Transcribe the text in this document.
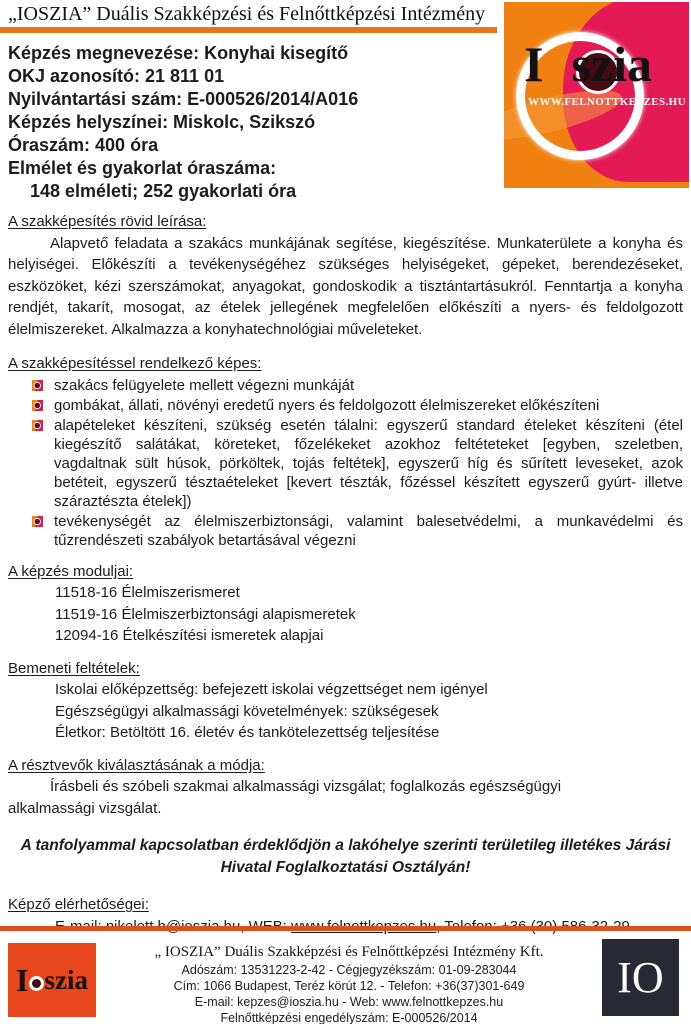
„IOSZIA” Duális Szakképzési és Felnőttképzési Intézmény
I szia
WWW.FELNOTTKEPZES.HU
Képzés megnevezése: Konyhai kisegítő
OKJ azonosító: 21 811 01
Nyilvántartási szám: E-000526/2014/A016
Képzés helyszínei: Miskolc, Szikszó
Óraszám: 400 óra
Elmélet és gyakorlat óraszáma:
148 elméleti; 252 gyakorlati óra
A szakképesítés rövid leírása:

Alapvető feladata a szakács munkájának segítése, kiegészítése. Munkaterülete a konyha és helyiségei. Előkészíti a tevékenységéhez szükséges helyiségeket, gépeket, berendezéseket, eszközöket, kézi szerszámokat, anyagokat, gondoskodik a tisztántartásukról. Fenntartja a konyha rendjét, takarít, mosogat, az ételek jellegének megfelelően előkészíti a nyers- és feldolgozott élelmiszereket. Alkalmazza a konyhatechnológiai műveleteket.

A szakképesítéssel rendelkező képes:
szakács felügyelete mellett végezni munkáját
gombákat, állati, növényi eredetű nyers és feldolgozott élelmiszereket előkészíteni
alapételeket készíteni, szükség esetén tálalni: egyszerű standard ételeket készíteni (étel kiegészítő salátákat, köreteket, főzelékeket azokhoz feltéteteket [egyben, szeletben, vagdaltnak sült húsok, pörköltek, tojás feltétek], egyszerű híg és sűrített leveseket, azok betéteit, egyszerű tésztaételeket [kevert tészták, főzéssel készített egyszerű gyúrt- illetve száraztészta ételek])
tevékenységét az élelmiszerbiztonsági, valamint balesetvédelmi, a munkavédelmi és tűzrendészeti szabályok betartásával végezni
A képzés moduljai:
11518-16 Élelmiszerismeret
11519-16 Élelmiszerbiztonsági alapismeretek
12094-16 Ételkészítési ismeretek alapjai
Bemeneti feltételek:
Iskolai előképzettség: befejezett iskolai végzettséget nem igényel
Egészségügyi alkalmassági követelmények: szükségesek
Életkor: Betöltött 16. életév és tankötelezettség teljesítése
A résztvevők kiválasztásának a módja:

Írásbeli és szóbeli szakmai alkalmassági vizsgálat; foglalkozás egészségügyi alkalmassági vizsgálat.

A tanfolyammal kapcsolatban érdeklődjön a lakóhelye szerinti területileg illetékes Járási Hivatal Foglalkoztatási Osztályán!

Képző elérhetőségei:
I szia
„ IOSZIA” Duális Szakképzési és Felnőttképzési Intézmény Kft.
Adószám: 13531223-2-42 - Cégjegyzékszám: 01-09-283044
Cím: 1066 Budapest, Teréz körút 12. - Telefon: +36(37)301-649
E-mail: kepzes@ioszia.hu - Web: www.felnottkepzes.hu
Felnőttképzési engedélyszám: E-000526/2014
IO
